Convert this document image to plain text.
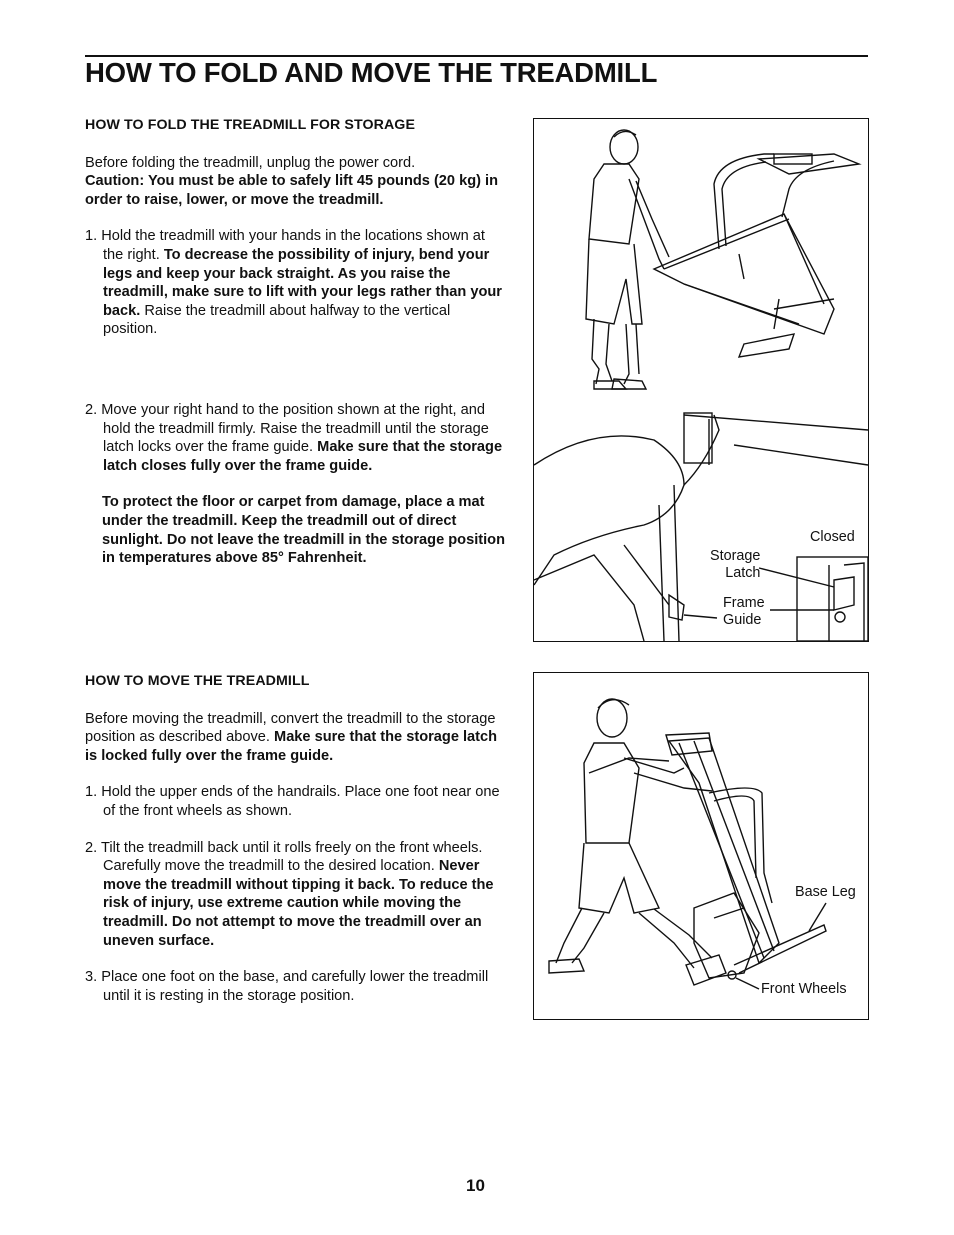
HOW TO FOLD AND MOVE THE TREADMILL

HOW TO FOLD THE TREADMILL FOR STORAGE

Before folding the treadmill, unplug the power cord.

Caution: You must be able to safely lift 45 pounds (20 kg) in order to raise, lower, or move the treadmill.

1. Hold the treadmill with your hands in the locations shown at the right. To decrease the possibility of injury, bend your legs and keep your back straight. As you raise the treadmill, make sure to lift with your legs rather than your back. Raise the treadmill about halfway to the vertical position.

2. Move your right hand to the position shown at the right, and hold the treadmill firmly. Raise the treadmill until the storage latch locks over the frame guide. Make sure that the storage latch closes fully over the frame guide.

To protect the floor or carpet from damage, place a mat under the treadmill. Keep the treadmill out of direct sunlight. Do not leave the treadmill in the storage position in temperatures above 85° Fahrenheit.

HOW TO MOVE THE TREADMILL

Before moving the treadmill, convert the treadmill to the storage position as described above. Make sure that the storage latch is locked fully over the frame guide.

1. Hold the upper ends of the handrails. Place one foot near one of the front wheels as shown.

2. Tilt the treadmill back until it rolls freely on the front wheels. Carefully move the treadmill to the desired location. Never move the treadmill without tipping it back. To reduce the risk of injury, use extreme caution while moving the treadmill. Do not attempt to move the treadmill over an uneven surface.

3. Place one foot on the base, and carefully lower the treadmill until it is resting in the storage position.

Closed
Storage
Latch
Frame
Guide
Base Leg
Front Wheels
10
